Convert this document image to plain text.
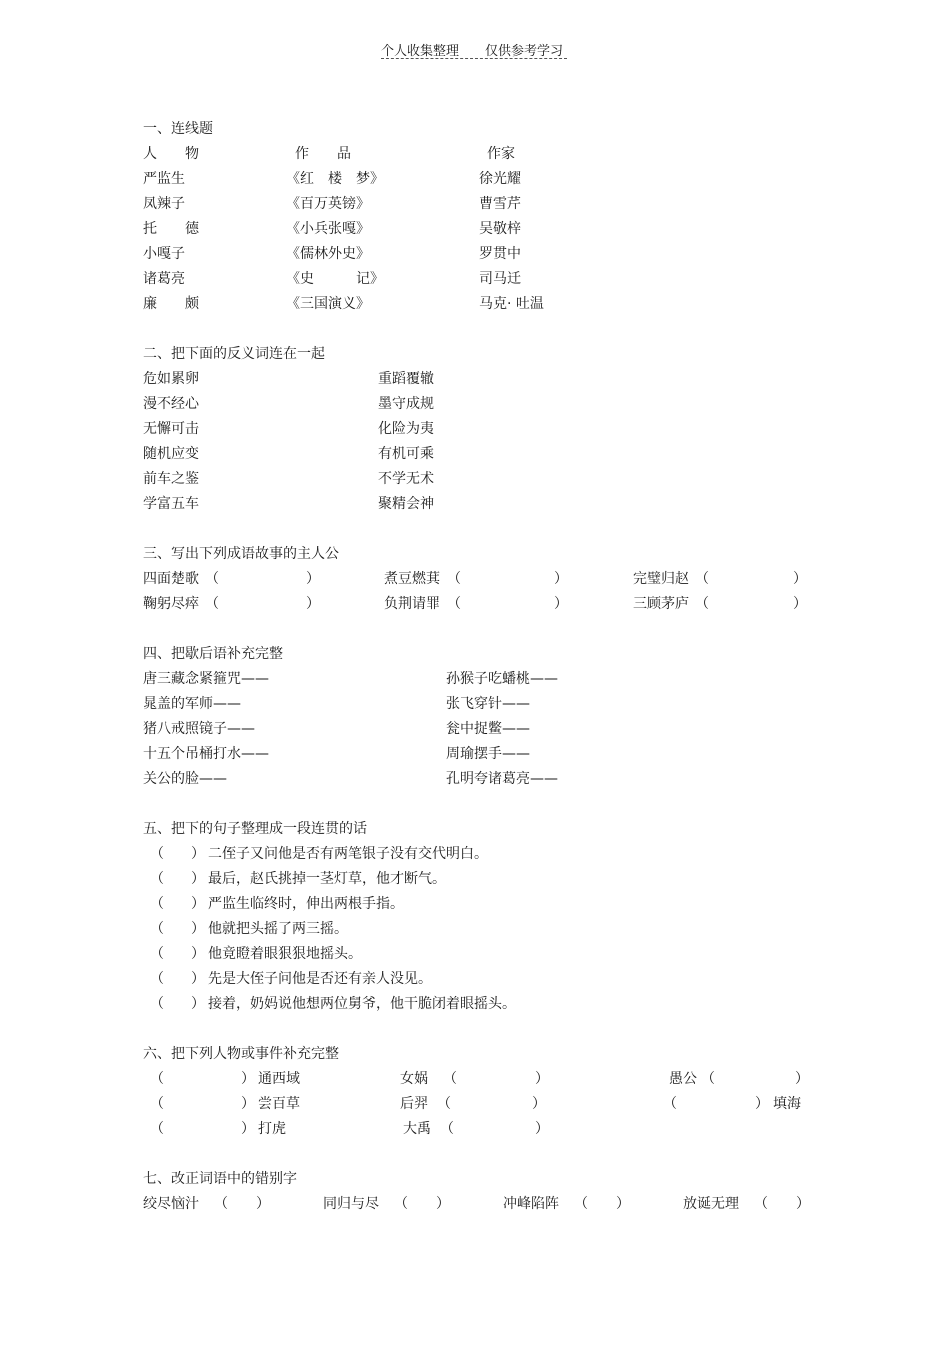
个人收集整理　　 仅供参考学习
一、连线题
人　　物	作　　品	作家
严监生	《红　楼　梦》	徐光耀
凤辣子	《百万英镑》	曹雪芹
托　　德	《小兵张嘎》	吴敬梓
小嘎子	《儒林外史》	罗贯中
诸葛亮	《史　　　记》	司马迁
廉　　颇	《三国演义》	马克· 吐温
二、把下面的反义词连在一起
危如累卵	重蹈覆辙
漫不经心	墨守成规
无懈可击	化险为夷
随机应变	有机可乘
前车之鉴	不学无术
学富五车	聚精会神
三、写出下列成语故事的主人公
四面楚歌 （	）	煮豆燃萁 （	）	完璧归赵 （	）
鞠躬尽瘁 （	）	负荆请罪 （	）	三顾茅庐 （	）
四、把歇后语补充完整
唐三藏念紧箍咒——	孙猴子吃蟠桃——
晁盖的军师——	张飞穿针——
猪八戒照镜子——	瓮中捉鳖——
十五个吊桶打水——	周瑜摆手——
关公的脸——	孔明夸诸葛亮——
五、把下的句子整理成一段连贯的话
（ ） 二侄子又问他是否有两笔银子没有交代明白。
（ ） 最后，赵氏挑掉一茎灯草，他才断气。
（ ） 严监生临终时，伸出两根手指。
（ ） 他就把头摇了两三摇。
（ ） 他竟瞪着眼狠狠地摇头。
（ ） 先是大侄子问他是否还有亲人没见。
（ ） 接着，奶妈说他想两位舅爷，他干脆闭着眼摇头。
六、把下列人物或事件补充完整
（	） 通西域	女娲 （	）	愚公 （	）
（	） 尝百草	后羿 （	）	（	） 填海
（	） 打虎	大禹 （	）
七、改正词语中的错别字
绞尽恼汁 （ ）	同归与尽 （ ）	冲峰陷阵 （ ）	放诞无理 （ ）
